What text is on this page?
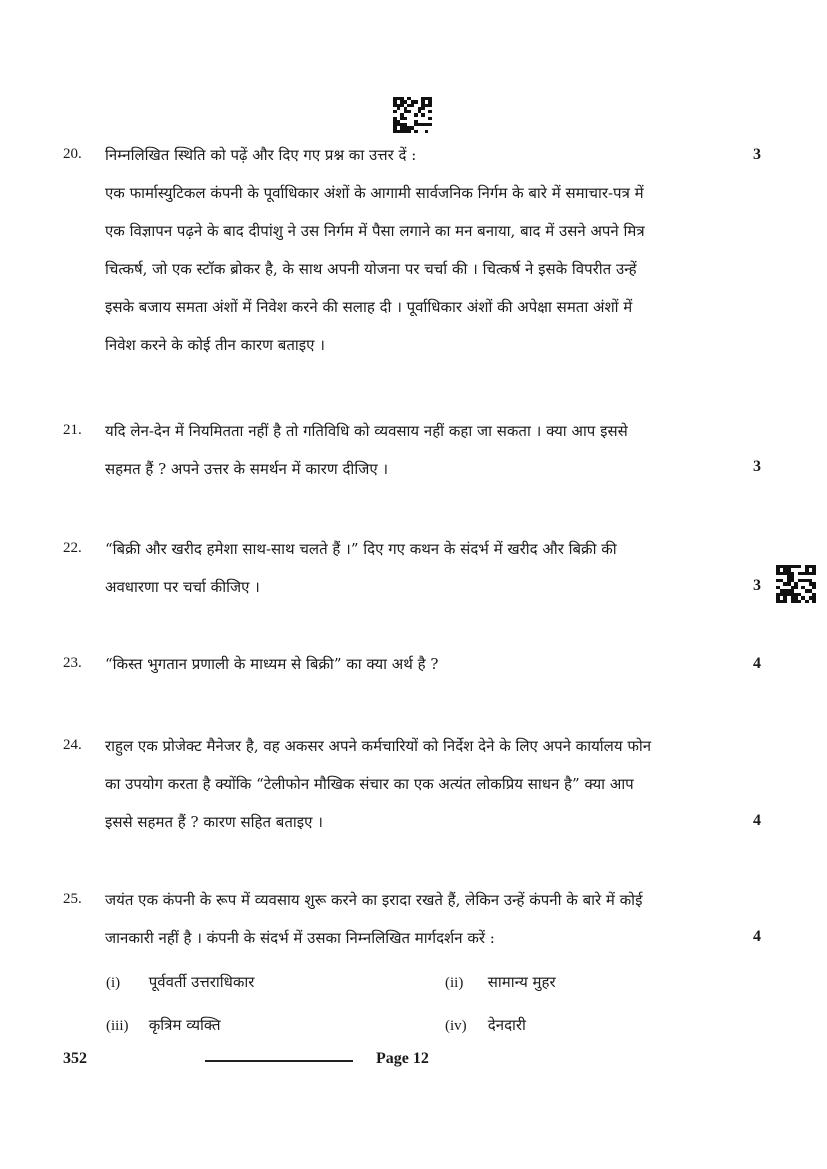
20.	निम्नलिखित स्थिति को पढ़ें और दिए गए प्रश्न का उत्तर दें :

एक फार्मास्युटिकल कंपनी के पूर्वाधिकार अंशों के आगामी सार्वजनिक निर्गम के बारे में समाचार-पत्र में

एक विज्ञापन पढ़ने के बाद दीपांशु ने उस निर्गम में पैसा लगाने का मन बनाया, बाद में उसने अपने मित्र

चित्कर्ष, जो एक स्टॉक ब्रोकर है, के साथ अपनी योजना पर चर्चा की । चित्कर्ष ने इसके विपरीत उन्हें

इसके बजाय समता अंशों में निवेश करने की सलाह दी । पूर्वाधिकार अंशों की अपेक्षा समता अंशों में

निवेश करने के कोई तीन कारण बताइए ।

3
21.	यदि लेन-देन में नियमितता नहीं है तो गतिविधि को व्यवसाय नहीं कहा जा सकता । क्या आप इससे

सहमत हैं ? अपने उत्तर के समर्थन में कारण दीजिए ।	3
22.	“बिक्री और खरीद हमेशा साथ-साथ चलते हैं ।” दिए गए कथन के संदर्भ में खरीद और बिक्री की

अवधारणा पर चर्चा कीजिए ।	3
23.	“किस्त भुगतान प्रणाली के माध्यम से बिक्री” का क्या अर्थ है ?	4
24.	राहुल एक प्रोजेक्ट मैनेजर है, वह अकसर अपने कर्मचारियों को निर्देश देने के लिए अपने कार्यालय फोन

का उपयोग करता है क्योंकि “टेलीफोन मौखिक संचार का एक अत्यंत लोकप्रिय साधन है” क्या आप

इससे सहमत हैं ? कारण सहित बताइए ।	4
25.	जयंत एक कंपनी के रूप में व्यवसाय शुरू करने का इरादा रखते हैं, लेकिन उन्हें कंपनी के बारे में कोई

जानकारी नहीं है । कंपनी के संदर्भ में उसका निम्नलिखित मार्गदर्शन करें :	4
(i) पूर्ववर्ती उत्तराधिकार	(ii) सामान्य मुहर
(iii) कृत्रिम व्यक्ति	(iv) देनदारी
352	Page 12
